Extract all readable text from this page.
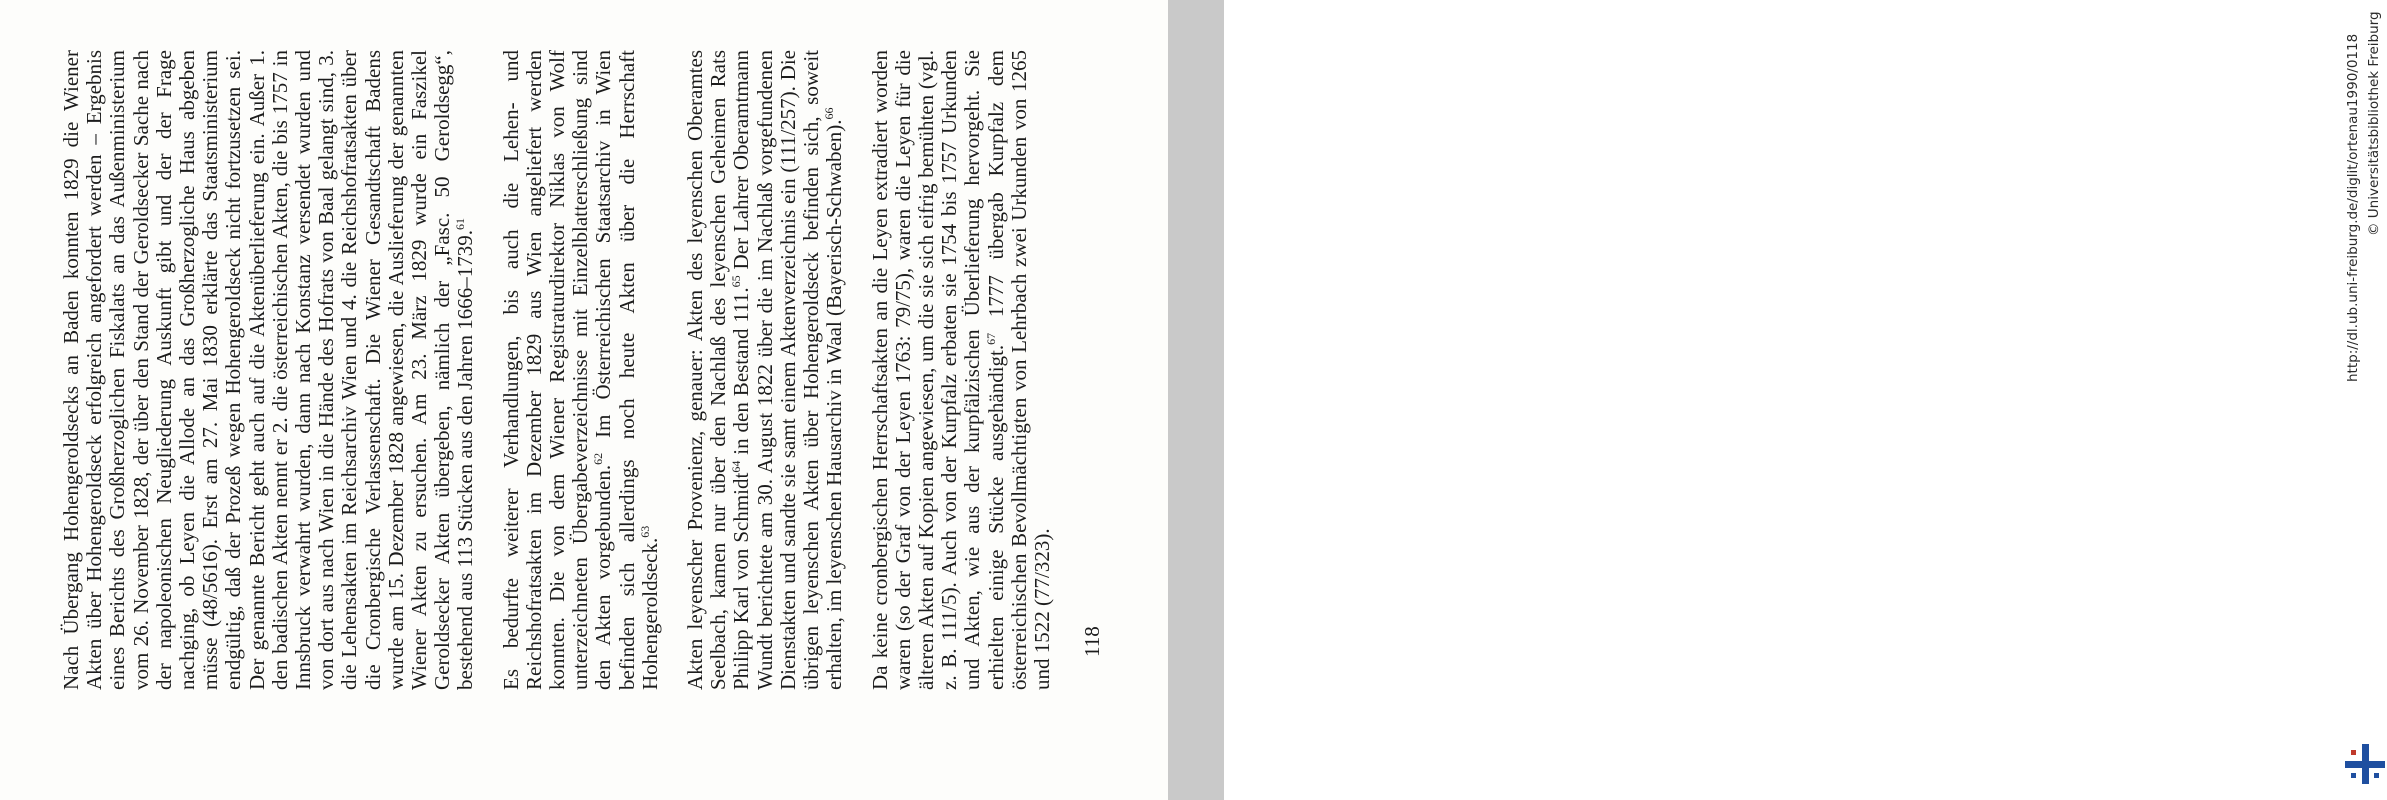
Nach Übergang Hohengeroldsecks an Baden konnten 1829 die Wiener Akten über Hohengeroldseck erfolgreich angefordert werden – Ergebnis eines Berichts des Großherzoglichen Fiskalats an das Außenministerium vom 26. November 1828, der über den Stand der Geroldsecker Sache nach der napoleonischen Neugliederung Auskunft gibt und der der Frage nachging, ob Leyen die Allode an das Großherzogliche Haus abgeben müsse (48/5616). Erst am 27. Mai 1830 erklärte das Staatsministerium endgültig, daß der Prozeß wegen Hohengeroldseck nicht fortzusetzen sei. Der genannte Bericht geht auch auf die Aktenüberlieferung ein. Außer 1. den badischen Akten nennt er 2. die österreichischen Akten, die bis 1757 in Innsbruck verwahrt wurden, dann nach Konstanz versendet wurden und von dort aus nach Wien in die Hände des Hofrats von Baal gelangt sind, 3. die Lehensakten im Reichsarchiv Wien und 4. die Reichshofratsakten über die Cronbergische Verlassenschaft. Die Wiener Gesandtschaft Badens wurde am 15. Dezember 1828 angewiesen, die Auslieferung der genannten Wiener Akten zu ersuchen. Am 23. März 1829 wurde ein Faszikel Geroldsecker Akten übergeben, nämlich der „Fasc. 50 Geroldsegg“, bestehend aus 113 Stücken aus den Jahren 1666–1739.61	Es bedurfte weiterer Verhandlungen, bis auch die Lehen- und Reichshofratsakten im Dezember 1829 aus Wien angeliefert werden konnten. Die von dem Wiener Registraturdirektor Niklas von Wolf unterzeichneten Übergabeverzeichnisse mit Einzelblatterschließung sind den Akten vorgebunden.$^{62}$ Im Österreichischen Staatsarchiv in Wien befinden sich allerdings noch heute Akten über die Herrschaft Hohengeroldseck.$^{63}$	Akten leyenscher Provenienz, genauer: Akten des leyenschen Oberamtes Seelbach, kamen nur über den Nachlaß des leyenschen Geheimen Rats Philipp Karl von Schmidt$^{64}$ in den Bestand 111.65 Der Lahrer Oberamtmann Wundt berichtete am 30. August 1822 über die im Nachlaß vorgefundenen Dienstakten und sandte sie samt einem Aktenverzeichnis ein (111/257). Die übrigen leyenschen Akten über Hohengeroldseck befinden sich, soweit erhalten, im leyenschen Hausarchiv in Waal (Bayerisch-Schwaben).$^{66}$	Da keine cronbergischen Herrschaftsakten an die Leyen extradiert worden waren (so der Graf von der Leyen 1763: 79/75), waren die Leyen für die älteren Akten auf Kopien angewiesen, um die sie sich eifrig bemühten (vgl. z. B. 111/5). Auch von der Kurpfalz erbaten sie 1754 bis 1757 Urkunden und Akten, wie aus der kurpfälzischen Überlieferung hervorgeht. Sie erhielten einige Stücke ausgehändigt.$^{67}$ 1777 übergab Kurpfalz dem österreichischen Bevollmächtigten von Lehrbach zwei Urkunden von 1265 und 1522 (77/323). 118
http://dl.ub.uni-freiburg.de/diglit/ortenau1990/0118 © Universitätsbibliothek Freiburg
